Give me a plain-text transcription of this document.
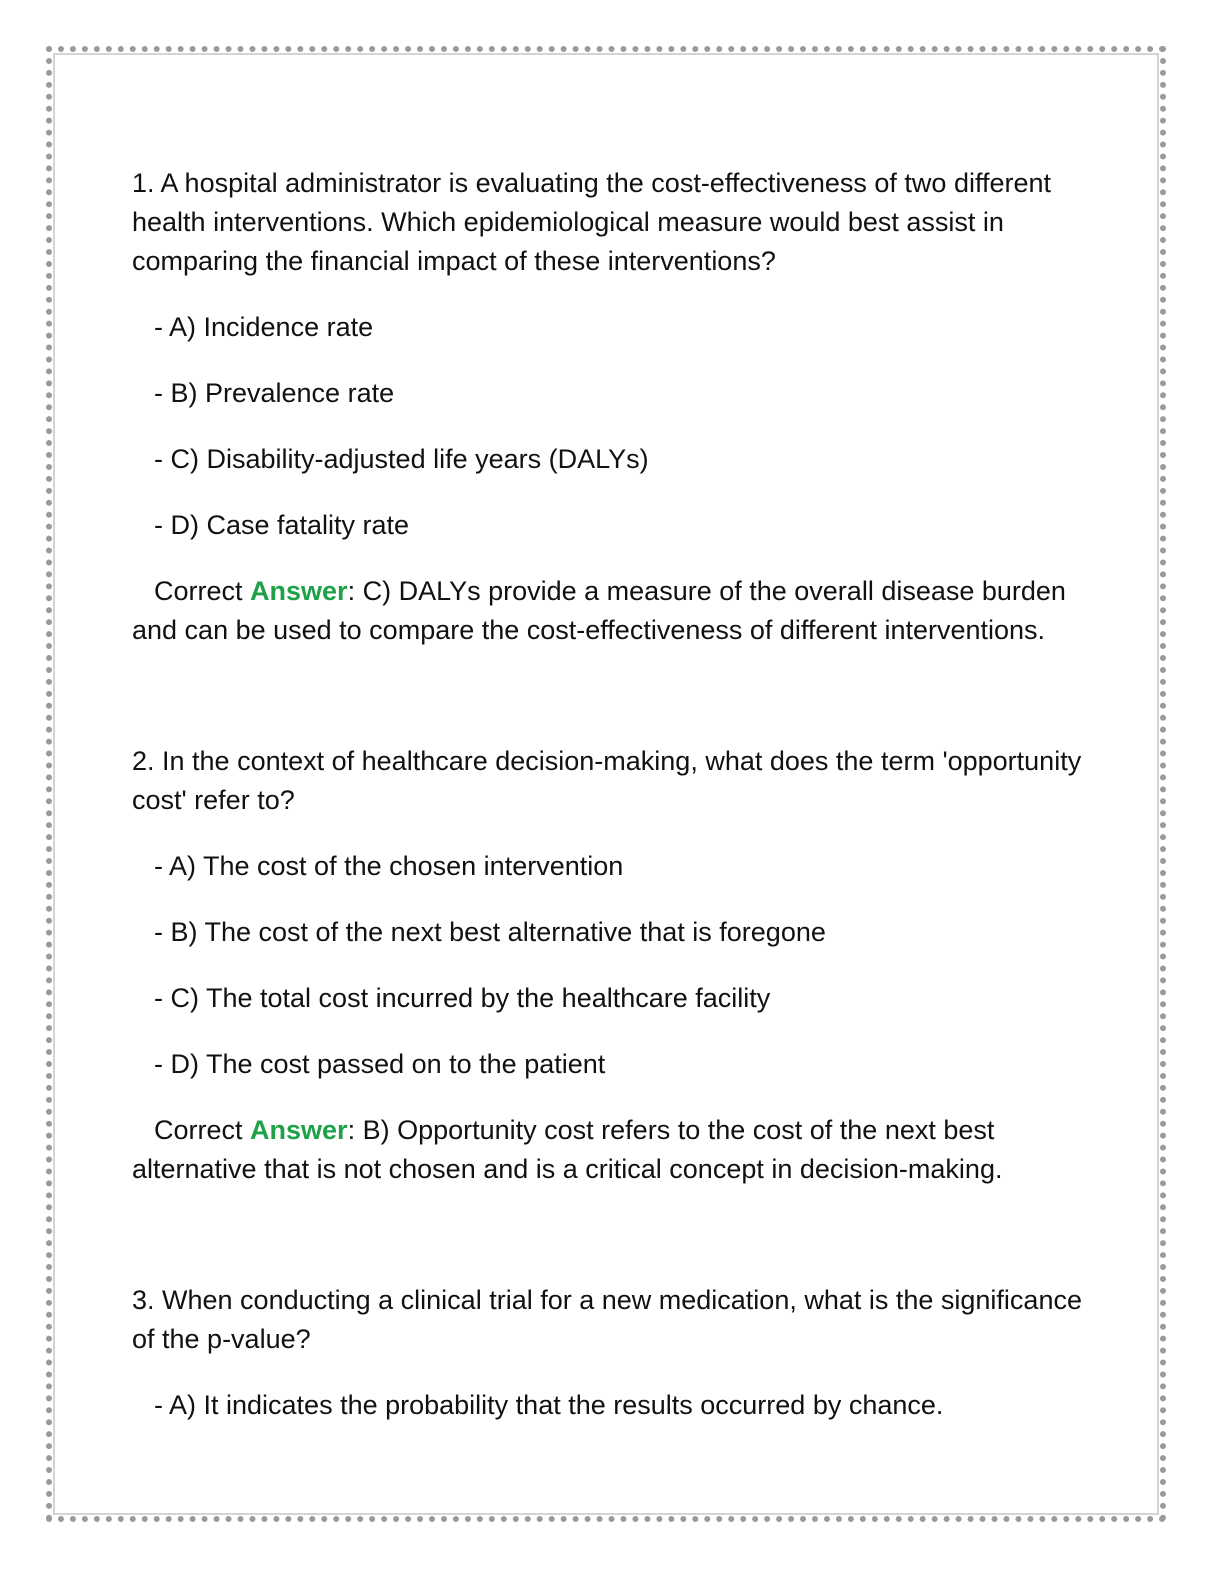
1. A hospital administrator is evaluating the cost-effectiveness of two different health interventions. Which epidemiological measure would best assist in comparing the financial impact of these interventions?

- A) Incidence rate
- B) Prevalence rate
- C) Disability-adjusted life years (DALYs)
- D) Case fatality rate

Correct Answer: C) DALYs provide a measure of the overall disease burden and can be used to compare the cost-effectiveness of different interventions.

2. In the context of healthcare decision-making, what does the term 'opportunity cost' refer to?

- A) The cost of the chosen intervention
- B) The cost of the next best alternative that is foregone
- C) The total cost incurred by the healthcare facility
- D) The cost passed on to the patient

Correct Answer: B) Opportunity cost refers to the cost of the next best alternative that is not chosen and is a critical concept in decision-making.

3. When conducting a clinical trial for a new medication, what is the significance of the p-value?

- A) It indicates the probability that the results occurred by chance.
